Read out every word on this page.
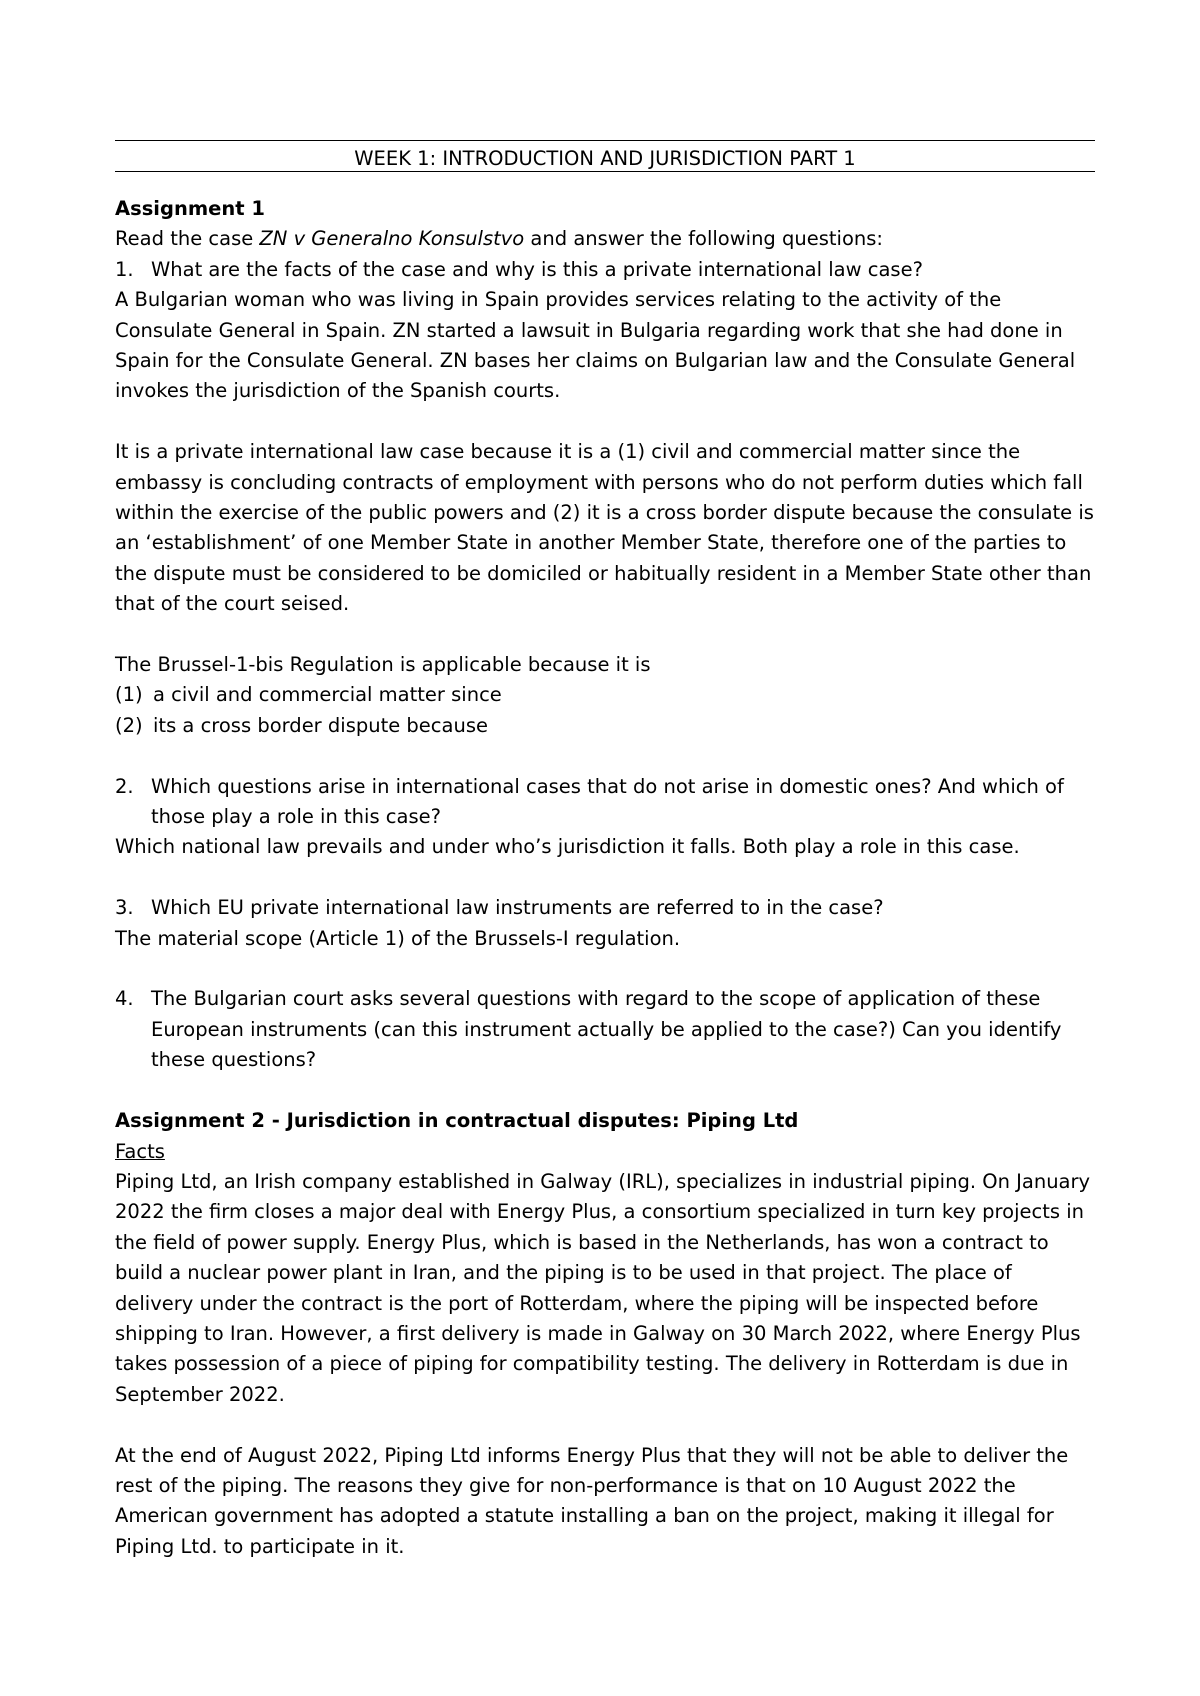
WEEK 1: INTRODUCTION AND JURISDICTION PART 1

Assignment 1

Read the case ZN v Generalno Konsulstvo and answer the following questions:

1. What are the facts of the case and why is this a private international law case?

A Bulgarian woman who was living in Spain provides services relating to the activity of the Consulate General in Spain. ZN started a lawsuit in Bulgaria regarding work that she had done in Spain for the Consulate General. ZN bases her claims on Bulgarian law and the Consulate General invokes the jurisdiction of the Spanish courts.

It is a private international law case because it is a (1) civil and commercial matter since the embassy is concluding contracts of employment with persons who do not perform duties which fall within the exercise of the public powers and (2) it is a cross border dispute because the consulate is an ‘establishment’ of one Member State in another Member State, therefore one of the parties to the dispute must be considered to be domiciled or habitually resident in a Member State other than that of the court seised.

The Brussel-1-bis Regulation is applicable because it is

(1) a civil and commercial matter since
(2) its a cross border dispute because
2. Which questions arise in international cases that do not arise in domestic ones? And which of those play a role in this case?

Which national law prevails and under who’s jurisdiction it falls. Both play a role in this case.

3. Which EU private international law instruments are referred to in the case?

The material scope (Article 1) of the Brussels-I regulation.

4. The Bulgarian court asks several questions with regard to the scope of application of these European instruments (can this instrument actually be applied to the case?) Can you identify these questions?

Assignment 2 - Jurisdiction in contractual disputes: Piping Ltd

Facts

Piping Ltd, an Irish company established in Galway (IRL), specializes in industrial piping. On January 2022 the firm closes a major deal with Energy Plus, a consortium specialized in turn key projects in the field of power supply. Energy Plus, which is based in the Netherlands, has won a contract to build a nuclear power plant in Iran, and the piping is to be used in that project. The place of delivery under the contract is the port of Rotterdam, where the piping will be inspected before shipping to Iran. However, a first delivery is made in Galway on 30 March 2022, where Energy Plus takes possession of a piece of piping for compatibility testing. The delivery in Rotterdam is due in September 2022.

At the end of August 2022, Piping Ltd informs Energy Plus that they will not be able to deliver the rest of the piping. The reasons they give for non-performance is that on 10 August 2022 the American government has adopted a statute installing a ban on the project, making it illegal for Piping Ltd. to participate in it.
